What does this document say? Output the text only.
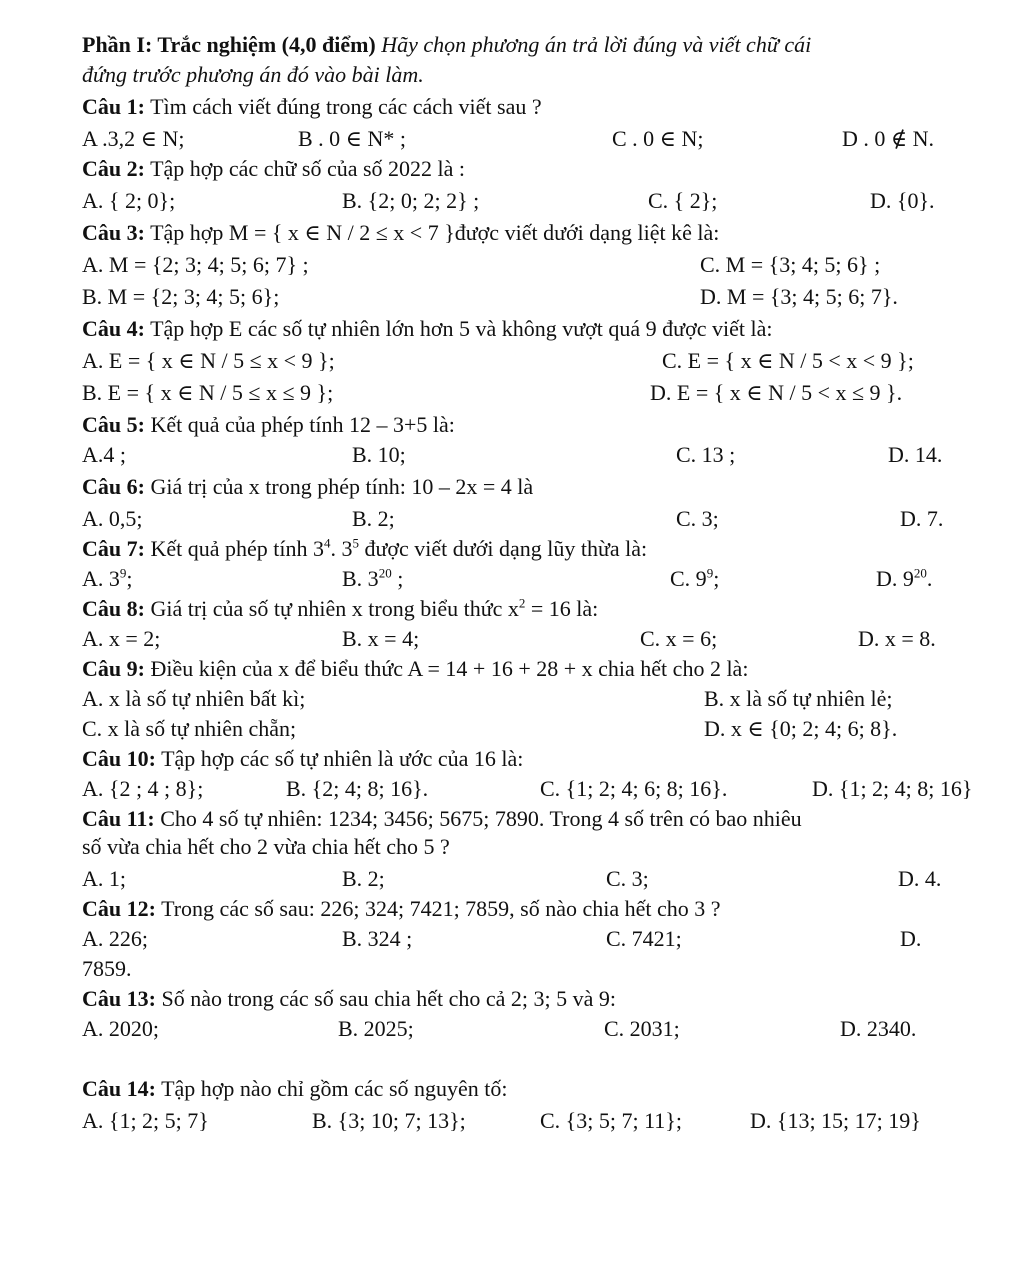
Phần I: Trắc nghiệm (4,0 điểm) Hãy chọn phương án trả lời đúng và viết chữ cái
đứng trước phương án đó vào bài làm.
Câu 1: Tìm cách viết đúng trong các cách viết sau ?
A .3,2 ∈ N;	B . 0 ∈ N* ;	C . 0 ∈ N;	D . 0 ∉ N.
Câu 2: Tập hợp các chữ số của số 2022 là :
A. { 2; 0};	B. {2; 0; 2; 2} ;	C. { 2};	D. {0}.
Câu 3: Tập hợp M = { x ∈ N / 2 ≤ x < 7 }được viết dưới dạng liệt kê là:
A. M = {2; 3; 4; 5; 6; 7} ;	C. M = {3; 4; 5; 6} ;
B. M = {2; 3; 4; 5; 6};	D. M = {3; 4; 5; 6; 7}.
Câu 4: Tập hợp E các số tự nhiên lớn hơn 5 và không vượt quá 9 được viết là:
A. E = { x ∈ N / 5 ≤ x < 9 };	C. E = { x ∈ N / 5 < x < 9 };
B. E = { x ∈ N / 5 ≤ x ≤ 9 };	D. E = { x ∈ N / 5 < x ≤ 9 }.
Câu 5: Kết quả của phép tính 12 – 3+5 là:
A.4 ;	B. 10;	C. 13 ;	D. 14.
Câu 6: Giá trị của x trong phép tính: 10 – 2x = 4 là
A. 0,5;	B. 2;	C. 3;	D. 7.
Câu 7: Kết quả phép tính $3^4$. $3^5$ được viết dưới dạng lũy thừa là:
A. $3^9$;	B. $3^{20}$ ;	C. $9^9$;	D. $9^{20}$.
Câu 8: Giá trị của số tự nhiên x trong biểu thức $x^2 = 16$ là:
A. x = 2;	B. x = 4;	C. x = 6;	D. x = 8.
Câu 9: Điều kiện của x để biểu thức A = 14 + 16 + 28 + x chia hết cho 2 là:
A. x là số tự nhiên bất kì;	B. x là số tự nhiên lẻ;
C. x là số tự nhiên chẵn;	D. x ∈ {0; 2; 4; 6; 8}.
Câu 10: Tập hợp các số tự nhiên là ước của 16 là:
A. {2 ; 4 ; 8};	B. {2; 4; 8; 16}.	C. {1; 2; 4; 6; 8; 16}.	D. {1; 2; 4; 8; 16}
Câu 11: Cho 4 số tự nhiên: 1234; 3456; 5675; 7890. Trong 4 số trên có bao nhiêu
số vừa chia hết cho 2 vừa chia hết cho 5 ?
A. 1;	B. 2;	C. 3;	D. 4.
Câu 12: Trong các số sau: 226; 324; 7421; 7859, số nào chia hết cho 3 ?
A. 226;	B. 324 ;	C. 7421;	D.
7859.
Câu 13: Số nào trong các số sau chia hết cho cả 2; 3; 5 và 9:
A. 2020;	B. 2025;	C. 2031;	D. 2340.
Câu 14: Tập hợp nào chỉ gồm các số nguyên tố:
A. {1; 2; 5; 7}	B. {3; 10; 7; 13};	C. {3; 5; 7; 11};	D. {13; 15; 17; 19}
